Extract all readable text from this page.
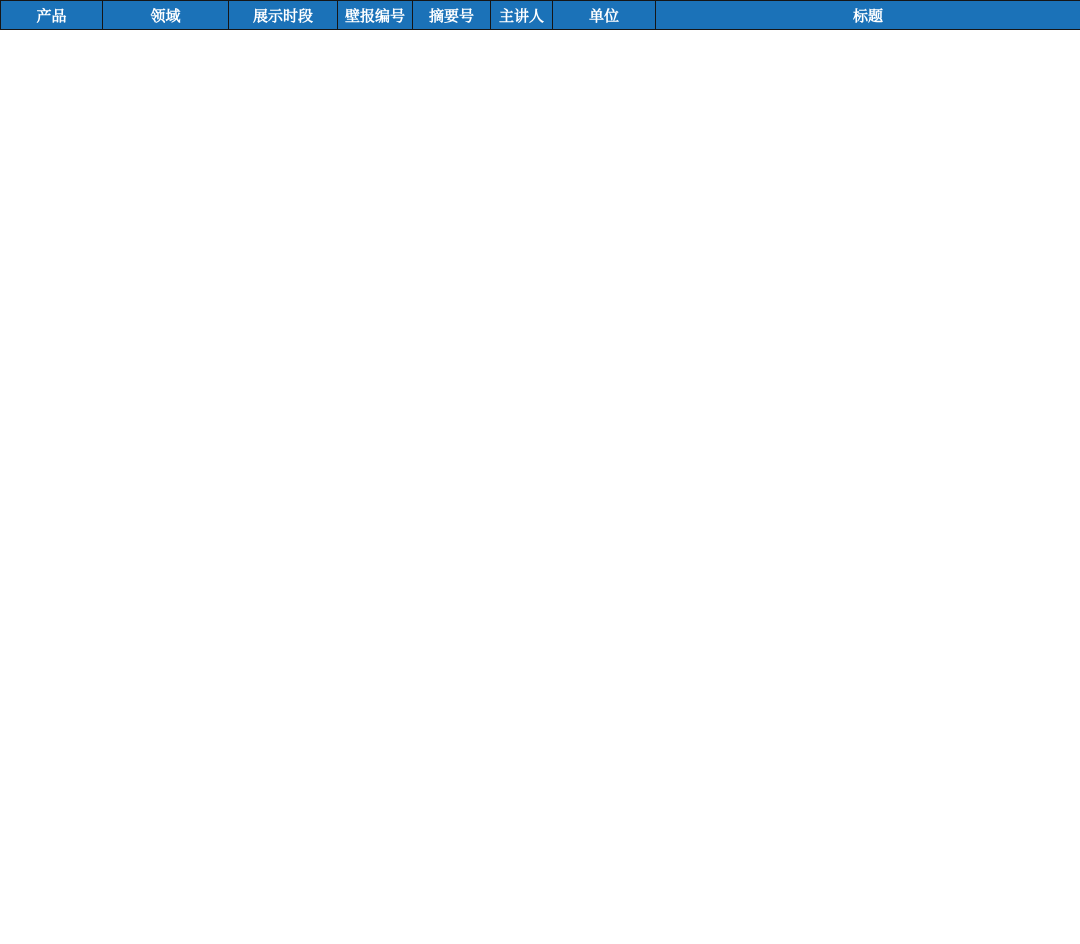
产品	领域	展示时段	壁报编号	摘要号	主讲人	单位	标题
